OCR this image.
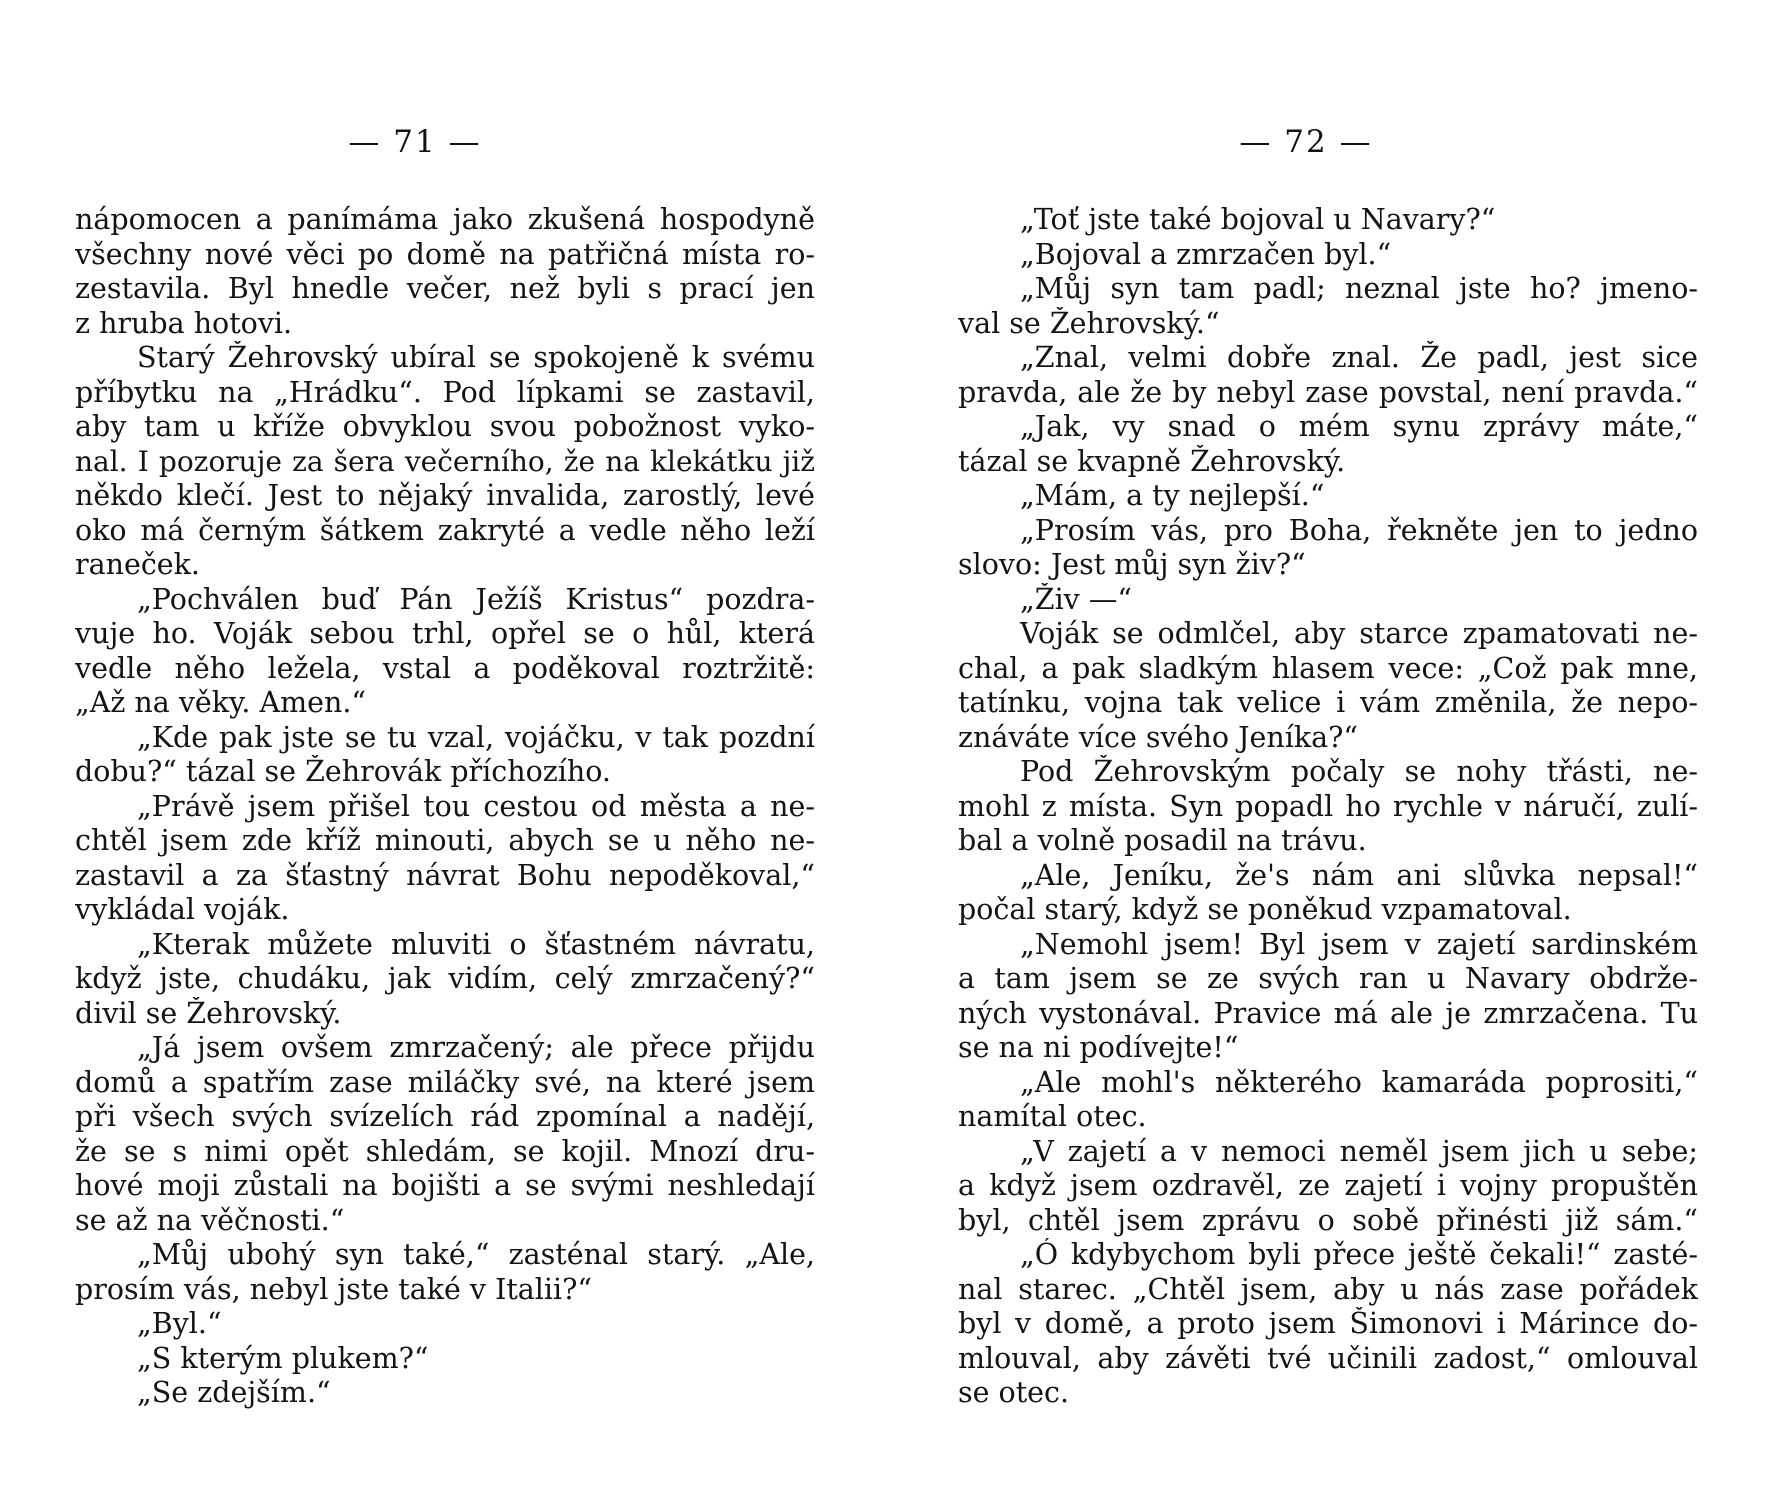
— 71 —
nápomocen a panímáma jako zkušená hospodyně
všechny nové věci po domě na patřičná místa ro-
zestavila. Byl hnedle večer, než byli s prací jen
z hruba hotovi.
Starý Žehrovský ubíral se spokojeně k svému
příbytku na „Hrádku“. Pod lípkami se zastavil,
aby tam u kříže obvyklou svou pobožnost vyko-
nal. I pozoruje za šera večerního, že na klekátku již
někdo klečí. Jest to nějaký invalida, zarostlý, levé
oko má černým šátkem zakryté a vedle něho leží
raneček.
„Pochválen buď Pán Ježíš Kristus“ pozdra-
vuje ho. Voják sebou trhl, opřel se o hůl, která
vedle něho ležela, vstal a poděkoval roztržitě:
„Až na věky. Amen.“
„Kde pak jste se tu vzal, vojáčku, v tak pozdní
dobu?“ tázal se Žehrovák příchozího.
„Právě jsem přišel tou cestou od města a ne-
chtěl jsem zde kříž minouti, abych se u něho ne-
zastavil a za šťastný návrat Bohu nepoděkoval,“
vykládal voják.
„Kterak můžete mluviti o šťastném návratu,
když jste, chudáku, jak vidím, celý zmrzačený?“
divil se Žehrovský.
„Já jsem ovšem zmrzačený; ale přece přijdu
domů a spatřím zase miláčky své, na které jsem
při všech svých svízelích rád zpomínal a nadějí,
že se s nimi opět shledám, se kojil. Mnozí dru-
hové moji zůstali na bojišti a se svými neshledají
se až na věčnosti.“
„Můj ubohý syn také,“ zasténal starý. „Ale,
prosím vás, nebyl jste také v Italii?“
„Byl.“
„S kterým plukem?“
„Se zdejším.“
— 72 —
„Toť jste také bojoval u Navary?“
„Bojoval a zmrzačen byl.“
„Můj syn tam padl; neznal jste ho? jmeno-
val se Žehrovský.“
„Znal, velmi dobře znal. Že padl, jest sice
pravda, ale že by nebyl zase povstal, není pravda.“
„Jak, vy snad o mém synu zprávy máte,“
tázal se kvapně Žehrovský.
„Mám, a ty nejlepší.“
„Prosím vás, pro Boha, řekněte jen to jedno
slovo: Jest můj syn živ?“
„Živ —“
Voják se odmlčel, aby starce zpamatovati ne-
chal, a pak sladkým hlasem vece: „Což pak mne,
tatínku, vojna tak velice i vám změnila, že nepo-
znáváte více svého Jeníka?“
Pod Žehrovským počaly se nohy třásti, ne-
mohl z místa. Syn popadl ho rychle v náručí, zulí-
bal a volně posadil na trávu.
„Ale, Jeníku, že's nám ani slůvka nepsal!“
počal starý, když se poněkud vzpamatoval.
„Nemohl jsem! Byl jsem v zajetí sardinském
a tam jsem se ze svých ran u Navary obdrže-
ných vystonával. Pravice má ale je zmrzačena. Tu
se na ni podívejte!“
„Ale mohl's některého kamaráda poprositi,“
namítal otec.
„V zajetí a v nemoci neměl jsem jich u sebe;
a když jsem ozdravěl, ze zajetí i vojny propuštěn
byl, chtěl jsem zprávu o sobě přinésti již sám.“
„Ó kdybychom byli přece ještě čekali!“ zasté-
nal starec. „Chtěl jsem, aby u nás zase pořádek
byl v domě, a proto jsem Šimonovi i Márince do-
mlouval, aby závěti tvé učinili zadost,“ omlouval
se otec.
